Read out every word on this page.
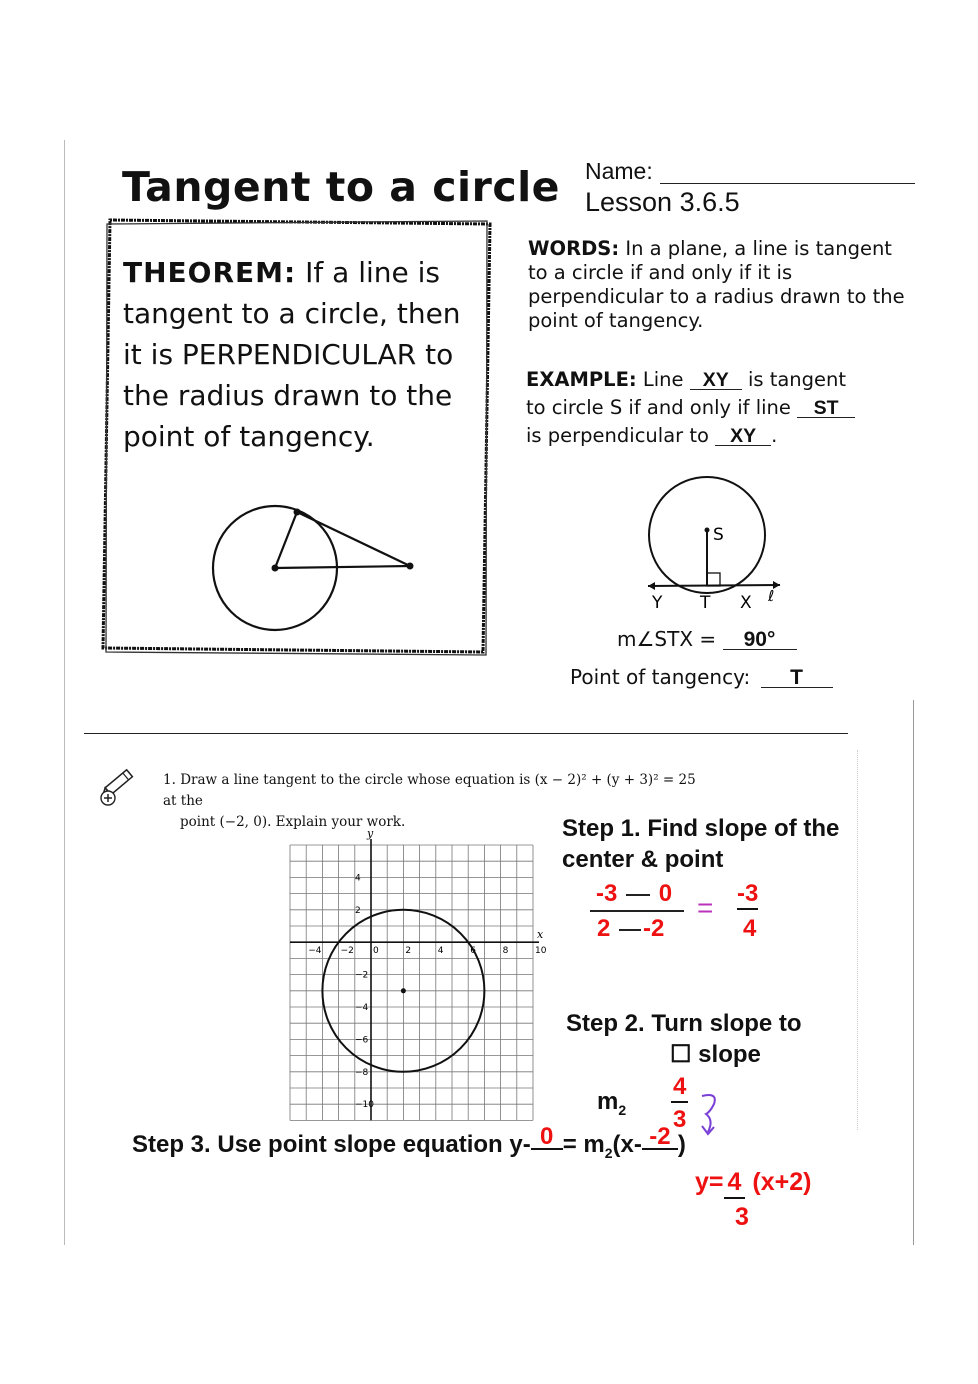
Tangent to a circle Name:
Lesson 3.6.5
THEOREM: If a line is tangent to a circle, then it is PERPENDICULAR to the radius drawn to the point of tangency.
WORDS: In a plane, a line is tangent to a circle if and only if it is perpendicular to a radius drawn to the point of tangency.
EXAMPLE: Line XY is tangent
to circle S if and only if line ST
is perpendicular to XY .
S
Y T X ℓ
m∠STX = 90°
Point of tangency: T
1. Draw a line tangent to the circle whose equation is (x − 2)² + (y + 3)² = 25 at the
point (−2, 0). Explain your work.
−4 −2 0	2	4	6	8	10
4
2
−2
−4
−6
−8
−10
x
y	Step 1. Find slope of the
center & point
-3 0
2 -2
= -3
4
Step 2. Turn slope to
☐ slope
$m_2$
4
3
Step 3. Use point slope equation y- $0 = m_2(x-$ -2 )
y= 4 (x+2)
3
